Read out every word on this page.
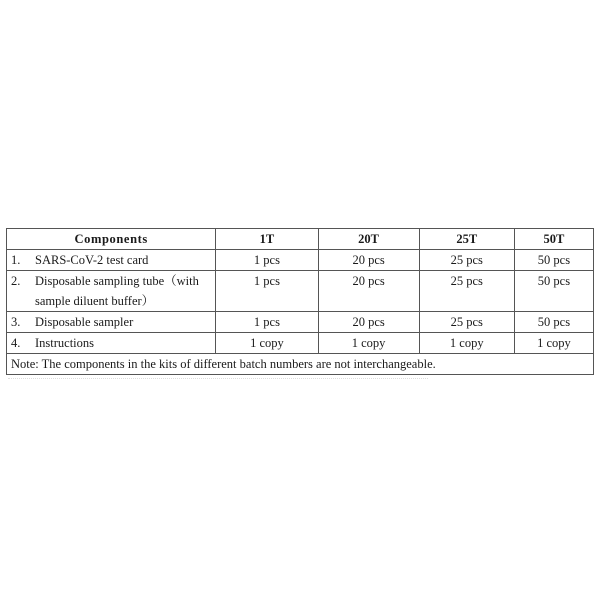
Components	1T	20T	25T	50T

1. SARS-CoV-2 test card	1 pcs	20 pcs	25 pcs	50 pcs

2. Disposable sampling tube（with sample diluent buffer）	1 pcs	20 pcs	25 pcs	50 pcs

3. Disposable sampler	1 pcs	20 pcs	25 pcs	50 pcs

4. Instructions	1 copy	1 copy	1 copy	1 copy
Note: The components in the kits of different batch numbers are not interchangeable.				
